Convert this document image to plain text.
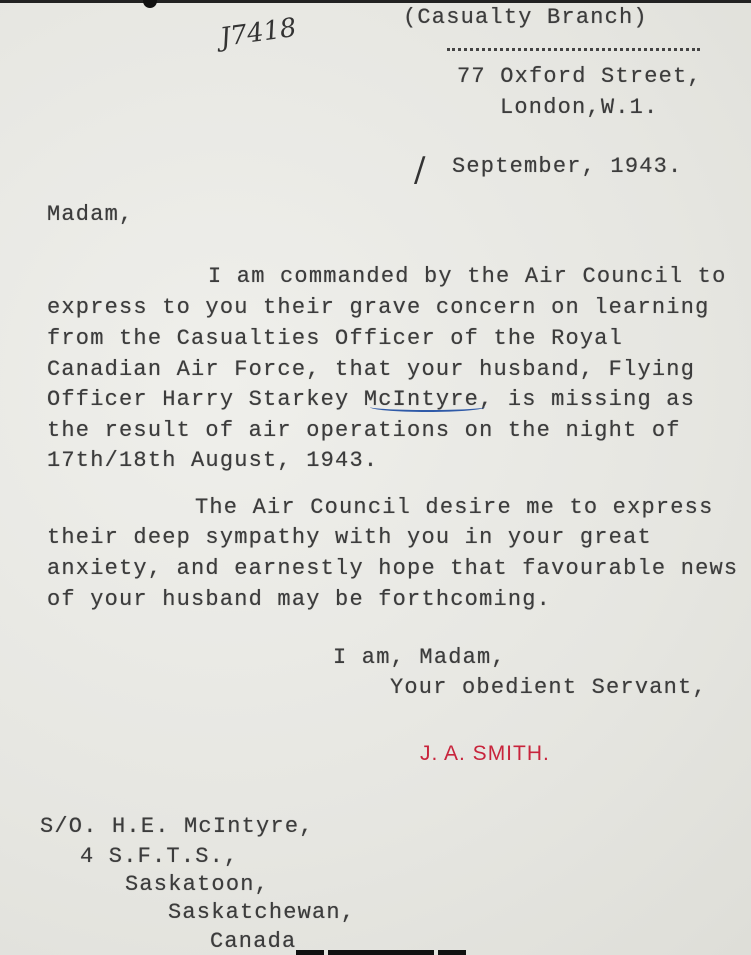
J7418	(Casualty Branch)
77 Oxford Street,
London,W.1.
/ September, 1943.
Madam,
I am commanded by the Air Council to
express to you their grave concern on learning
from the Casualties Officer of the Royal
Canadian Air Force, that your husband, Flying
Officer Harry Starkey McIntyre, is missing as
the result of air operations on the night of
17th/18th August, 1943.
The Air Council desire me to express
their deep sympathy with you in your great
anxiety, and earnestly hope that favourable news
of your husband may be forthcoming.
I am, Madam,
Your obedient Servant,
J. A. SMITH.
S/O. H.E. McIntyre,
4 S.F.T.S.,
Saskatoon,
Saskatchewan,
Canada
